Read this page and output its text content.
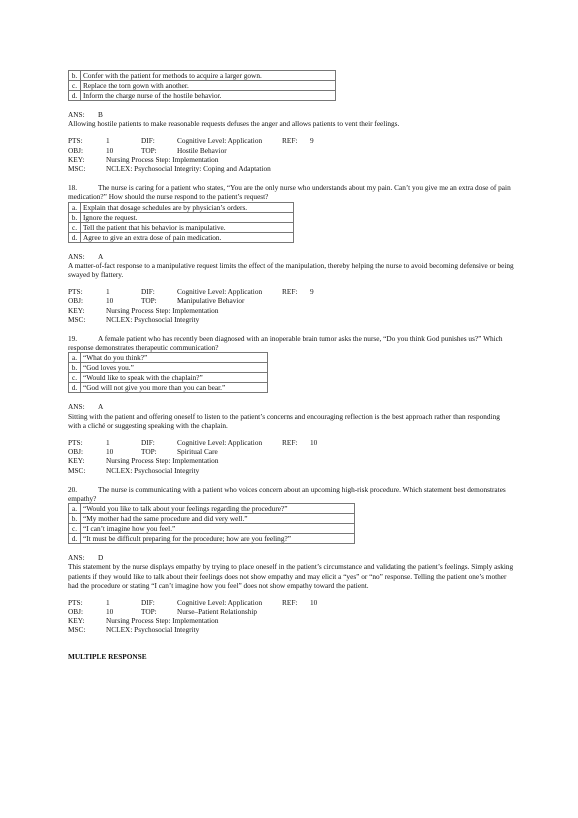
b.	Confer with the patient for methods to acquire a larger gown.
c.	Replace the torn gown with another.
d.	Inform the charge nurse of the hostile behavior.
ANS: B
Allowing hostile patients to make reasonable requests defuses the anger and allows patients to vent their feelings.
PTS:	1	DIF:	Cognitive Level: Application	REF: 9
OBJ:	10	TOP:	Hostile Behavior
KEY:	Nursing Process Step: Implementation
MSC:	NCLEX: Psychosocial Integrity: Coping and Adaptation
18.	The nurse is caring for a patient who states, “You are the only nurse who understands about my pain. Can’t you give me an extra dose of pain medication?” How should the nurse respond to the patient’s request?
a.	Explain that dosage schedules are by physician’s orders.
b.	Ignore the request.
c.	Tell the patient that his behavior is manipulative.
d.	Agree to give an extra dose of pain medication.
ANS: A
A matter-of-fact response to a manipulative request limits the effect of the manipulation, thereby helping the nurse to avoid becoming defensive or being swayed by flattery.
PTS:	1	DIF:	Cognitive Level: Application	REF: 9
OBJ:	10	TOP:	Manipulative Behavior
KEY:	Nursing Process Step: Implementation
MSC:	NCLEX: Psychosocial Integrity
19.	A female patient who has recently been diagnosed with an inoperable brain tumor asks the nurse, “Do you think God punishes us?” Which response demonstrates therapeutic communication?
a.	“What do you think?”
b.	“God loves you.”
c.	“Would like to speak with the chaplain?”
d.	“God will not give you more than you can bear.”
ANS: A
Sitting with the patient and offering oneself to listen to the patient’s concerns and encouraging reflection is the best approach rather than responding with a cliché or suggesting speaking with the chaplain.
PTS:	1	DIF:	Cognitive Level: Application	REF: 10
OBJ:	10	TOP:	Spiritual Care
KEY:	Nursing Process Step: Implementation
MSC:	NCLEX: Psychosocial Integrity
20.	The nurse is communicating with a patient who voices concern about an upcoming high-risk procedure. Which statement best demonstrates empathy?
a.	“Would you like to talk about your feelings regarding the procedure?”
b.	“My mother had the same procedure and did very well.”
c.	“I can’t imagine how you feel.”
d.	“It must be difficult preparing for the procedure; how are you feeling?”
ANS: D
This statement by the nurse displays empathy by trying to place oneself in the patient’s circumstance and validating the patient’s feelings. Simply asking patients if they would like to talk about their feelings does not show empathy and may elicit a “yes” or “no” response. Telling the patient one’s mother had the procedure or stating “I can’t imagine how you feel” does not show empathy toward the patient.
PTS:	1	DIF:	Cognitive Level: Application	REF: 10
OBJ:	10	TOP:	Nurse–Patient Relationship
KEY:	Nursing Process Step: Implementation
MSC:	NCLEX: Psychosocial Integrity
MULTIPLE RESPONSE
